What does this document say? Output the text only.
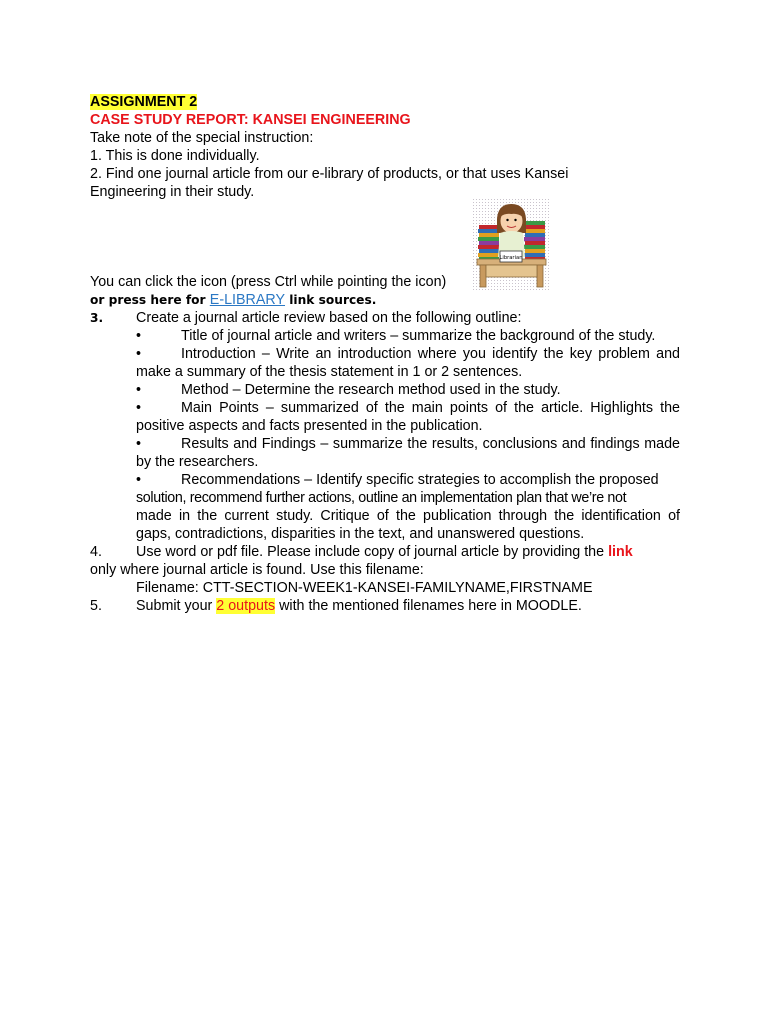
ASSIGNMENT 2
CASE STUDY REPORT: KANSEI ENGINEERING
Take note of the special instruction:
1. This is done individually.
2. Find one journal article from our e-library of products, or that uses Kansei
Engineering in their study.
You can click the icon (press Ctrl while pointing the icon)
or press here for E-LIBRARY link sources.
3.	Create a journal article review based on the following outline:
•	Title of journal article and writers – summarize the background of the study.
•	Introduction – Write an introduction where you identify the key problem and make a summary of the thesis statement in 1 or 2 sentences.
•	Method – Determine the research method used in the study.
•	Main Points – summarized of the main points of the article. Highlights the positive aspects and facts presented in the publication.
•	Results and Findings – summarize the results, conclusions and findings made by the researchers.
•	Recommendations – Identify specific strategies to accomplish the proposed
solution, recommend further actions, outline an implementation plan that we’re not
made in the current study. Critique of the publication through the identification of gaps, contradictions, disparities in the text, and unanswered questions.
4.	Use word or pdf file. Please include copy of journal article by providing the link
only where journal article is found. Use this filename:
Filename: CTT-SECTION-WEEK1-KANSEI-FAMILYNAME,FIRSTNAME
5.	Submit your 2 outputs with the mentioned filenames here in MOODLE.
Librarian
